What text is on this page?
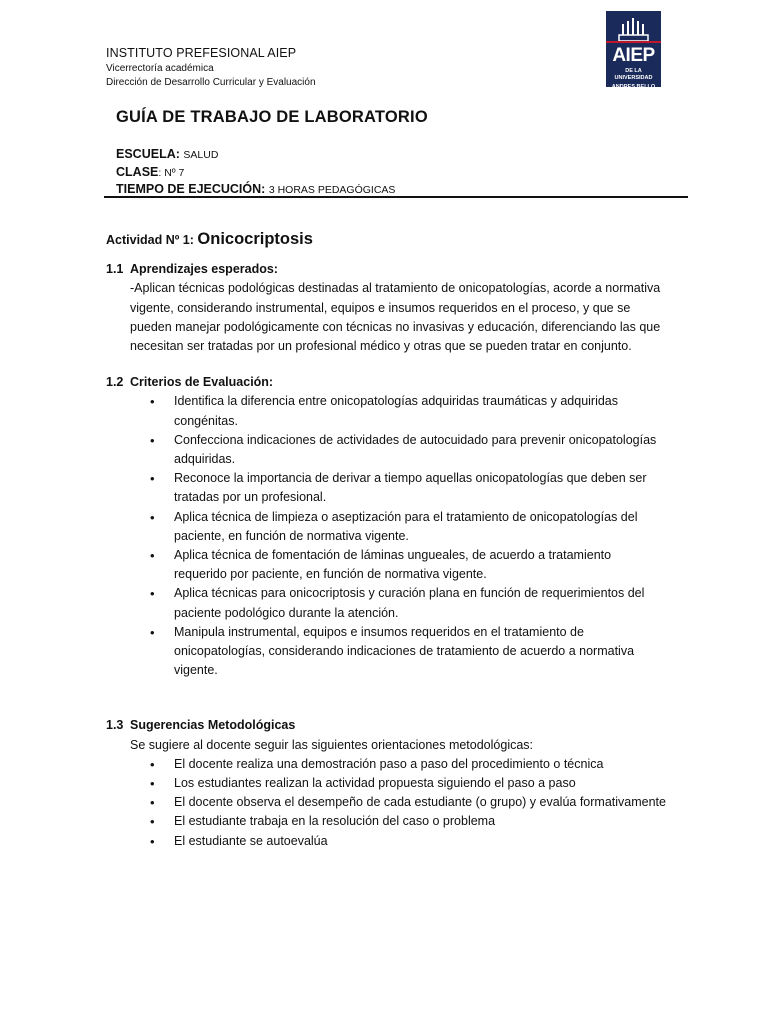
INSTITUTO PREFESIONAL AIEP
Vicerrectoría académica
Dirección de Desarrollo Curricular y Evaluación
AIEP
DE LA UNIVERSIDAD
ANDRES BELLO
GUÍA DE TRABAJO DE LABORATORIO
ESCUELA: SALUD
CLASE: Nº 7
TIEMPO DE EJECUCIÓN: 3 HORAS PEDAGÓGICAS
Actividad Nº 1: Onicocriptosis
1.1 Aprendizajes esperados:
-Aplican técnicas podológicas destinadas al tratamiento de onicopatologías, acorde a normativa vigente, considerando instrumental, equipos e insumos requeridos en el proceso, y que se pueden manejar podológicamente con técnicas no invasivas y educación, diferenciando las que necesitan ser tratadas por un profesional médico y otras que se pueden tratar en conjunto.
1.2 Criterios de Evaluación:
• Identifica la diferencia entre onicopatologías adquiridas traumáticas y adquiridas congénitas.
• Confecciona indicaciones de actividades de autocuidado para prevenir onicopatologías adquiridas.
• Reconoce la importancia de derivar a tiempo aquellas onicopatologías que deben ser tratadas por un profesional.
• Aplica técnica de limpieza o aseptización para el tratamiento de onicopatologías del paciente, en función de normativa vigente.
• Aplica técnica de fomentación de láminas ungueales, de acuerdo a tratamiento requerido por paciente, en función de normativa vigente.
• Aplica técnicas para onicocriptosis y curación plana en función de requerimientos del paciente podológico durante la atención.
• Manipula instrumental, equipos e insumos requeridos en el tratamiento de onicopatologías, considerando indicaciones de tratamiento de acuerdo a normativa vigente.
1.3 Sugerencias Metodológicas
Se sugiere al docente seguir las siguientes orientaciones metodológicas:
• El docente realiza una demostración paso a paso del procedimiento o técnica
• Los estudiantes realizan la actividad propuesta siguiendo el paso a paso
• El docente observa el desempeño de cada estudiante (o grupo) y evalúa formativamente
• El estudiante trabaja en la resolución del caso o problema
• El estudiante se autoevalúa
